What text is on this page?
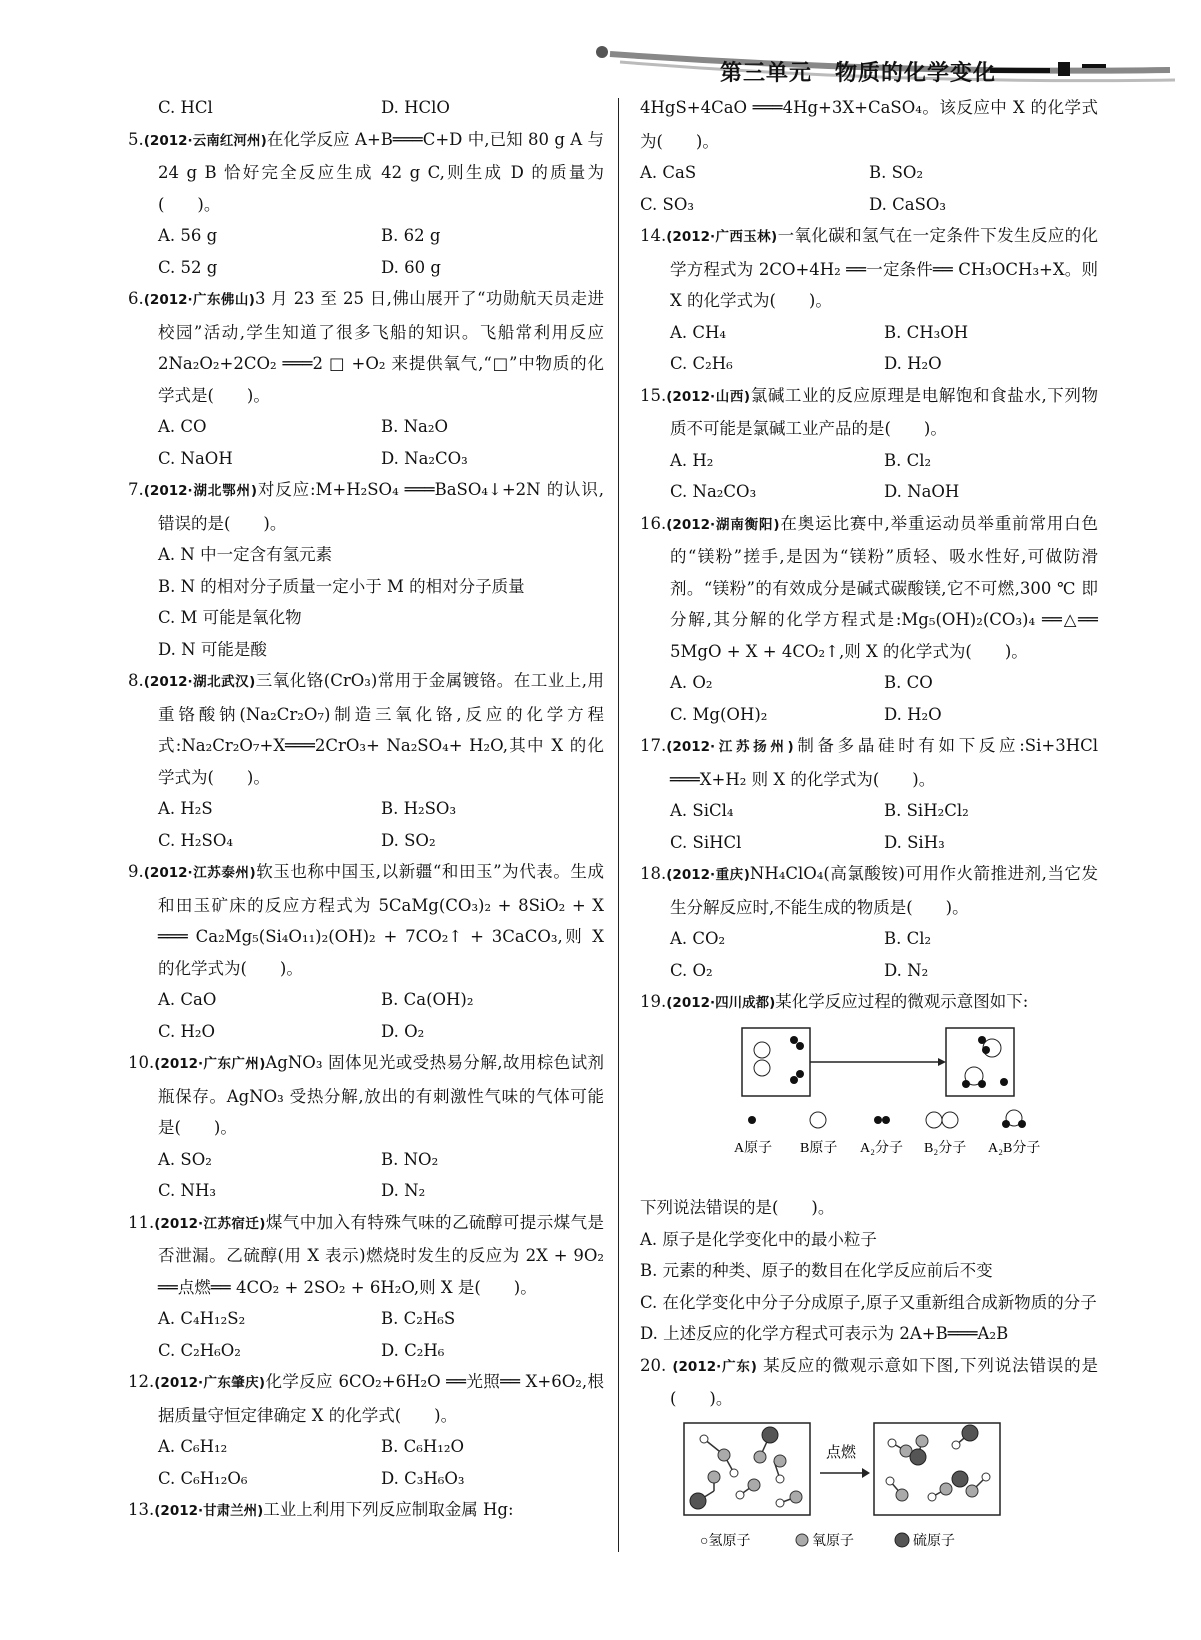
第三单元　物质的化学变化
C. HCl	D. HClO
5.(2012·云南红河州)在化学反应 A+B═══C+D 中,已知 80 g A 与 24 g B 恰好完全反应生成 42 g C,则生成 D 的质量为(　　)。
A. 56 g	B. 62 g
C. 52 g	D. 60 g
6.(2012·广东佛山)3 月 23 至 25 日,佛山展开了“功勋航天员走进校园”活动,学生知道了很多飞船的知识。飞船常利用反应 2Na₂O₂+2CO₂ ═══2 □ +O₂ 来提供氧气,“□”中物质的化学式是(　　)。
A. CO	B. Na₂O
C. NaOH	D. Na₂CO₃
7.(2012·湖北鄂州)对反应:M+H₂SO₄ ═══BaSO₄↓+2N 的认识,错误的是(　　)。
A. N 中一定含有氢元素
B. N 的相对分子质量一定小于 M 的相对分子质量
C. M 可能是氧化物
D. N 可能是酸
8.(2012·湖北武汉)三氧化铬(CrO₃)常用于金属镀铬。在工业上,用重铬酸钠(Na₂Cr₂O₇)制造三氧化铬,反应的化学方程式:Na₂Cr₂O₇+X═══2CrO₃+ Na₂SO₄+ H₂O,其中 X 的化学式为(　　)。
A. H₂S	B. H₂SO₃
C. H₂SO₄	D. SO₂
9.(2012·江苏泰州)软玉也称中国玉,以新疆“和田玉”为代表。生成和田玉矿床的反应方程式为 5CaMg(CO₃)₂ + 8SiO₂ + X ═══ Ca₂Mg₅(Si₄O₁₁)₂(OH)₂ + 7CO₂↑ + 3CaCO₃,则 X 的化学式为(　　)。
A. CaO	B. Ca(OH)₂
C. H₂O	D. O₂
10.(2012·广东广州)AgNO₃ 固体见光或受热易分解,故用棕色试剂瓶保存。AgNO₃ 受热分解,放出的有刺激性气味的气体可能是(　　)。
A. SO₂	B. NO₂
C. NH₃	D. N₂
11.(2012·江苏宿迁)煤气中加入有特殊气味的乙硫醇可提示煤气是否泄漏。乙硫醇(用 X 表示)燃烧时发生的反应为 2X + 9O₂ ══点燃══ 4CO₂ + 2SO₂ + 6H₂O,则 X 是(　　)。
A. C₄H₁₂S₂	B. C₂H₆S
C. C₂H₆O₂	D. C₂H₆
12.(2012·广东肇庆)化学反应 6CO₂+6H₂O ══光照══ X+6O₂,根据质量守恒定律确定 X 的化学式(　　)。
A. C₆H₁₂	B. C₆H₁₂O
C. C₆H₁₂O₆	D. C₃H₆O₃
13.(2012·甘肃兰州)工业上利用下列反应制取金属 Hg:
4HgS+4CaO ═══4Hg+3X+CaSO₄。该反应中 X 的化学式为(　　)。
A. CaS	B. SO₂
C. SO₃	D. CaSO₃
14.(2012·广西玉林)一氧化碳和氢气在一定条件下发生反应的化学方程式为 2CO+4H₂ ══一定条件══ CH₃OCH₃+X。则 X 的化学式为(　　)。
A. CH₄	B. CH₃OH
C. C₂H₆	D. H₂O
15.(2012·山西)氯碱工业的反应原理是电解饱和食盐水,下列物质不可能是氯碱工业产品的是(　　)。
A. H₂	B. Cl₂
C. Na₂CO₃	D. NaOH
16.(2012·湖南衡阳)在奥运比赛中,举重运动员举重前常用白色的“镁粉”搓手,是因为“镁粉”质轻、吸水性好,可做防滑剂。“镁粉”的有效成分是碱式碳酸镁,它不可燃,300 ℃ 即分解,其分解的化学方程式是:Mg₅(OH)₂(CO₃)₄ ══△══ 5MgO + X + 4CO₂↑,则 X 的化学式为(　　)。
A. O₂	B. CO
C. Mg(OH)₂	D. H₂O
17.(2012·江苏扬州)制备多晶硅时有如下反应:Si+3HCl ═══X+H₂ 则 X 的化学式为(　　)。
A. SiCl₄	B. SiH₂Cl₂
C. SiHCl	D. SiH₃
18.(2012·重庆)NH₄ClO₄(高氯酸铵)可用作火箭推进剂,当它发生分解反应时,不能生成的物质是(　　)。
A. CO₂	B. Cl₂
C. O₂	D. N₂
19.(2012·四川成都)某化学反应过程的微观示意图如下:
A原子 B原子 A₂分子 B₂分子 A₂B分子
下列说法错误的是(　　)。
A. 原子是化学变化中的最小粒子
B. 元素的种类、原子的数目在化学反应前后不变
C. 在化学变化中分子分成原子,原子又重新组合成新物质的分子
D. 上述反应的化学方程式可表示为 2A+B═══A₂B
20. (2012·广东) 某反应的微观示意如下图,下列说法错误的是(　　)。
点燃
○氢原子	氧原子	硫原子
